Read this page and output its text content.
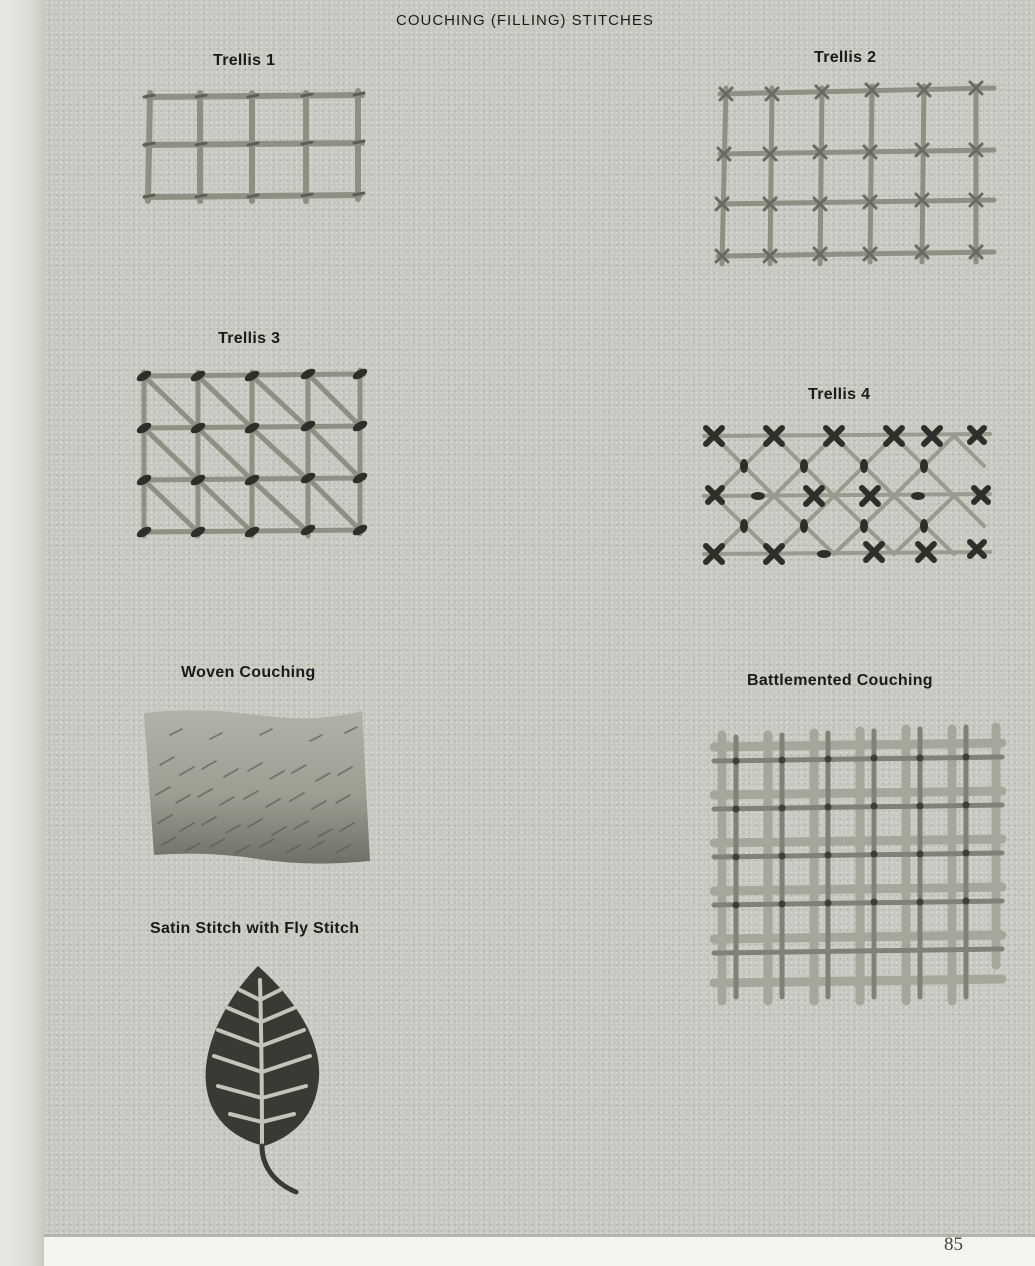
COUCHING (FILLING) STITCHES
Trellis 1	Trellis 2
Trellis 3
Trellis 4
Woven Couching	Battlemented Couching
Satin Stitch with Fly Stitch
85
